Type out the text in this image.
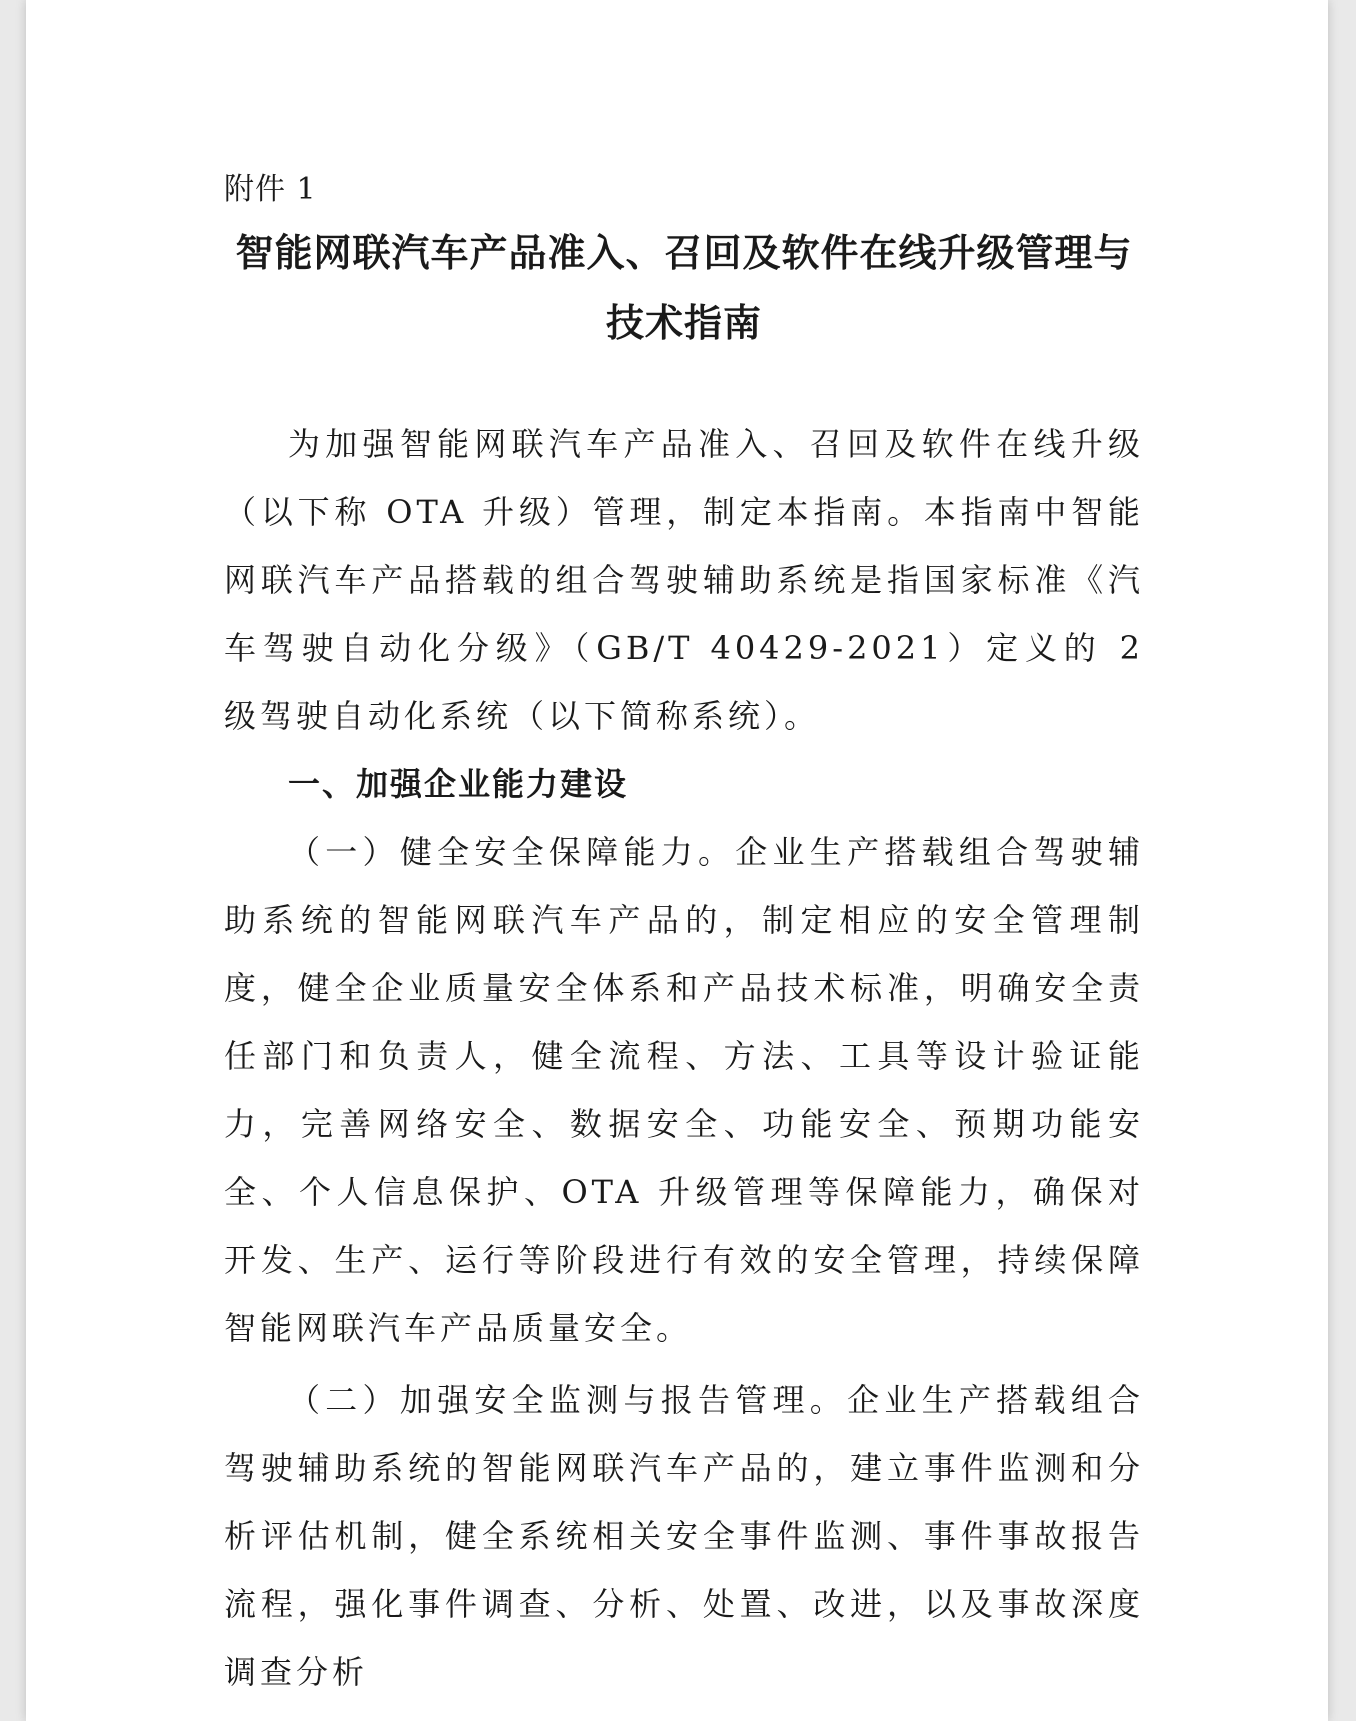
附件 1

智能网联汽车产品准入、召回及软件在线升级管理与
技术指南

为加强智能网联汽车产品准入、召回及软件在线升级（以下称 OTA 升级）管理，制定本指南。本指南中智能网联汽车产品搭载的组合驾驶辅助系统是指国家标准《汽车驾驶自动化分级》（GB/T 40429-2021）定义的 2 级驾驶自动化系统（以下简称系统）。

一、加强企业能力建设

（一）健全安全保障能力。企业生产搭载组合驾驶辅助系统的智能网联汽车产品的，制定相应的安全管理制度，健全企业质量安全体系和产品技术标准，明确安全责任部门和负责人，健全流程、方法、工具等设计验证能力，完善网络安全、数据安全、功能安全、预期功能安全、个人信息保护、OTA 升级管理等保障能力，确保对开发、生产、运行等阶段进行有效的安全管理，持续保障智能网联汽车产品质量安全。

（二）加强安全监测与报告管理。企业生产搭载组合驾驶辅助系统的智能网联汽车产品的，建立事件监测和分析评估机制，健全系统相关安全事件监测、事件事故报告流程，强化事件调查、分析、处置、改进，以及事故深度调查分析
